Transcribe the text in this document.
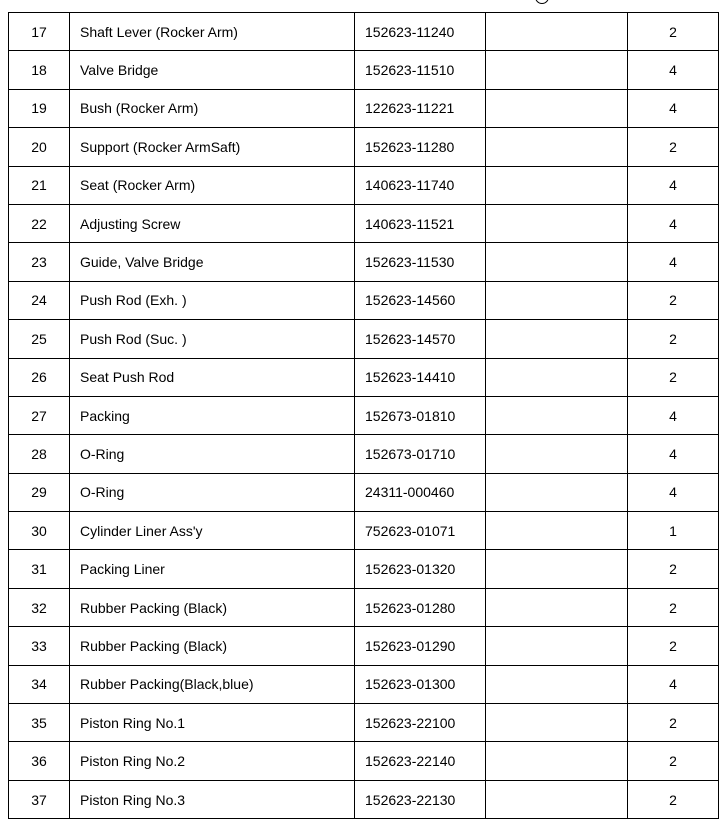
17	Shaft Lever (Rocker Arm)	152623-11240		2
18	Valve Bridge	152623-11510		4
19	Bush (Rocker Arm)	122623-11221		4
20	Support (Rocker ArmSaft)	152623-11280		2
21	Seat (Rocker Arm)	140623-11740		4
22	Adjusting Screw	140623-11521		4
23	Guide, Valve Bridge	152623-11530		4
24	Push Rod (Exh. )	152623-14560		2
25	Push Rod (Suc. )	152623-14570		2
26	Seat Push Rod	152623-14410		2
27	Packing	152673-01810		4
28	O-Ring	152673-01710		4
29	O-Ring	24311-000460		4
30	Cylinder Liner Ass'y	752623-01071		1
31	Packing Liner	152623-01320		2
32	Rubber Packing (Black)	152623-01280		2
33	Rubber Packing (Black)	152623-01290		2
34	Rubber Packing(Black,blue)	152623-01300		4
35	Piston Ring No.1	152623-22100		2
36	Piston Ring No.2	152623-22140		2
37	Piston Ring No.3	152623-22130		2
